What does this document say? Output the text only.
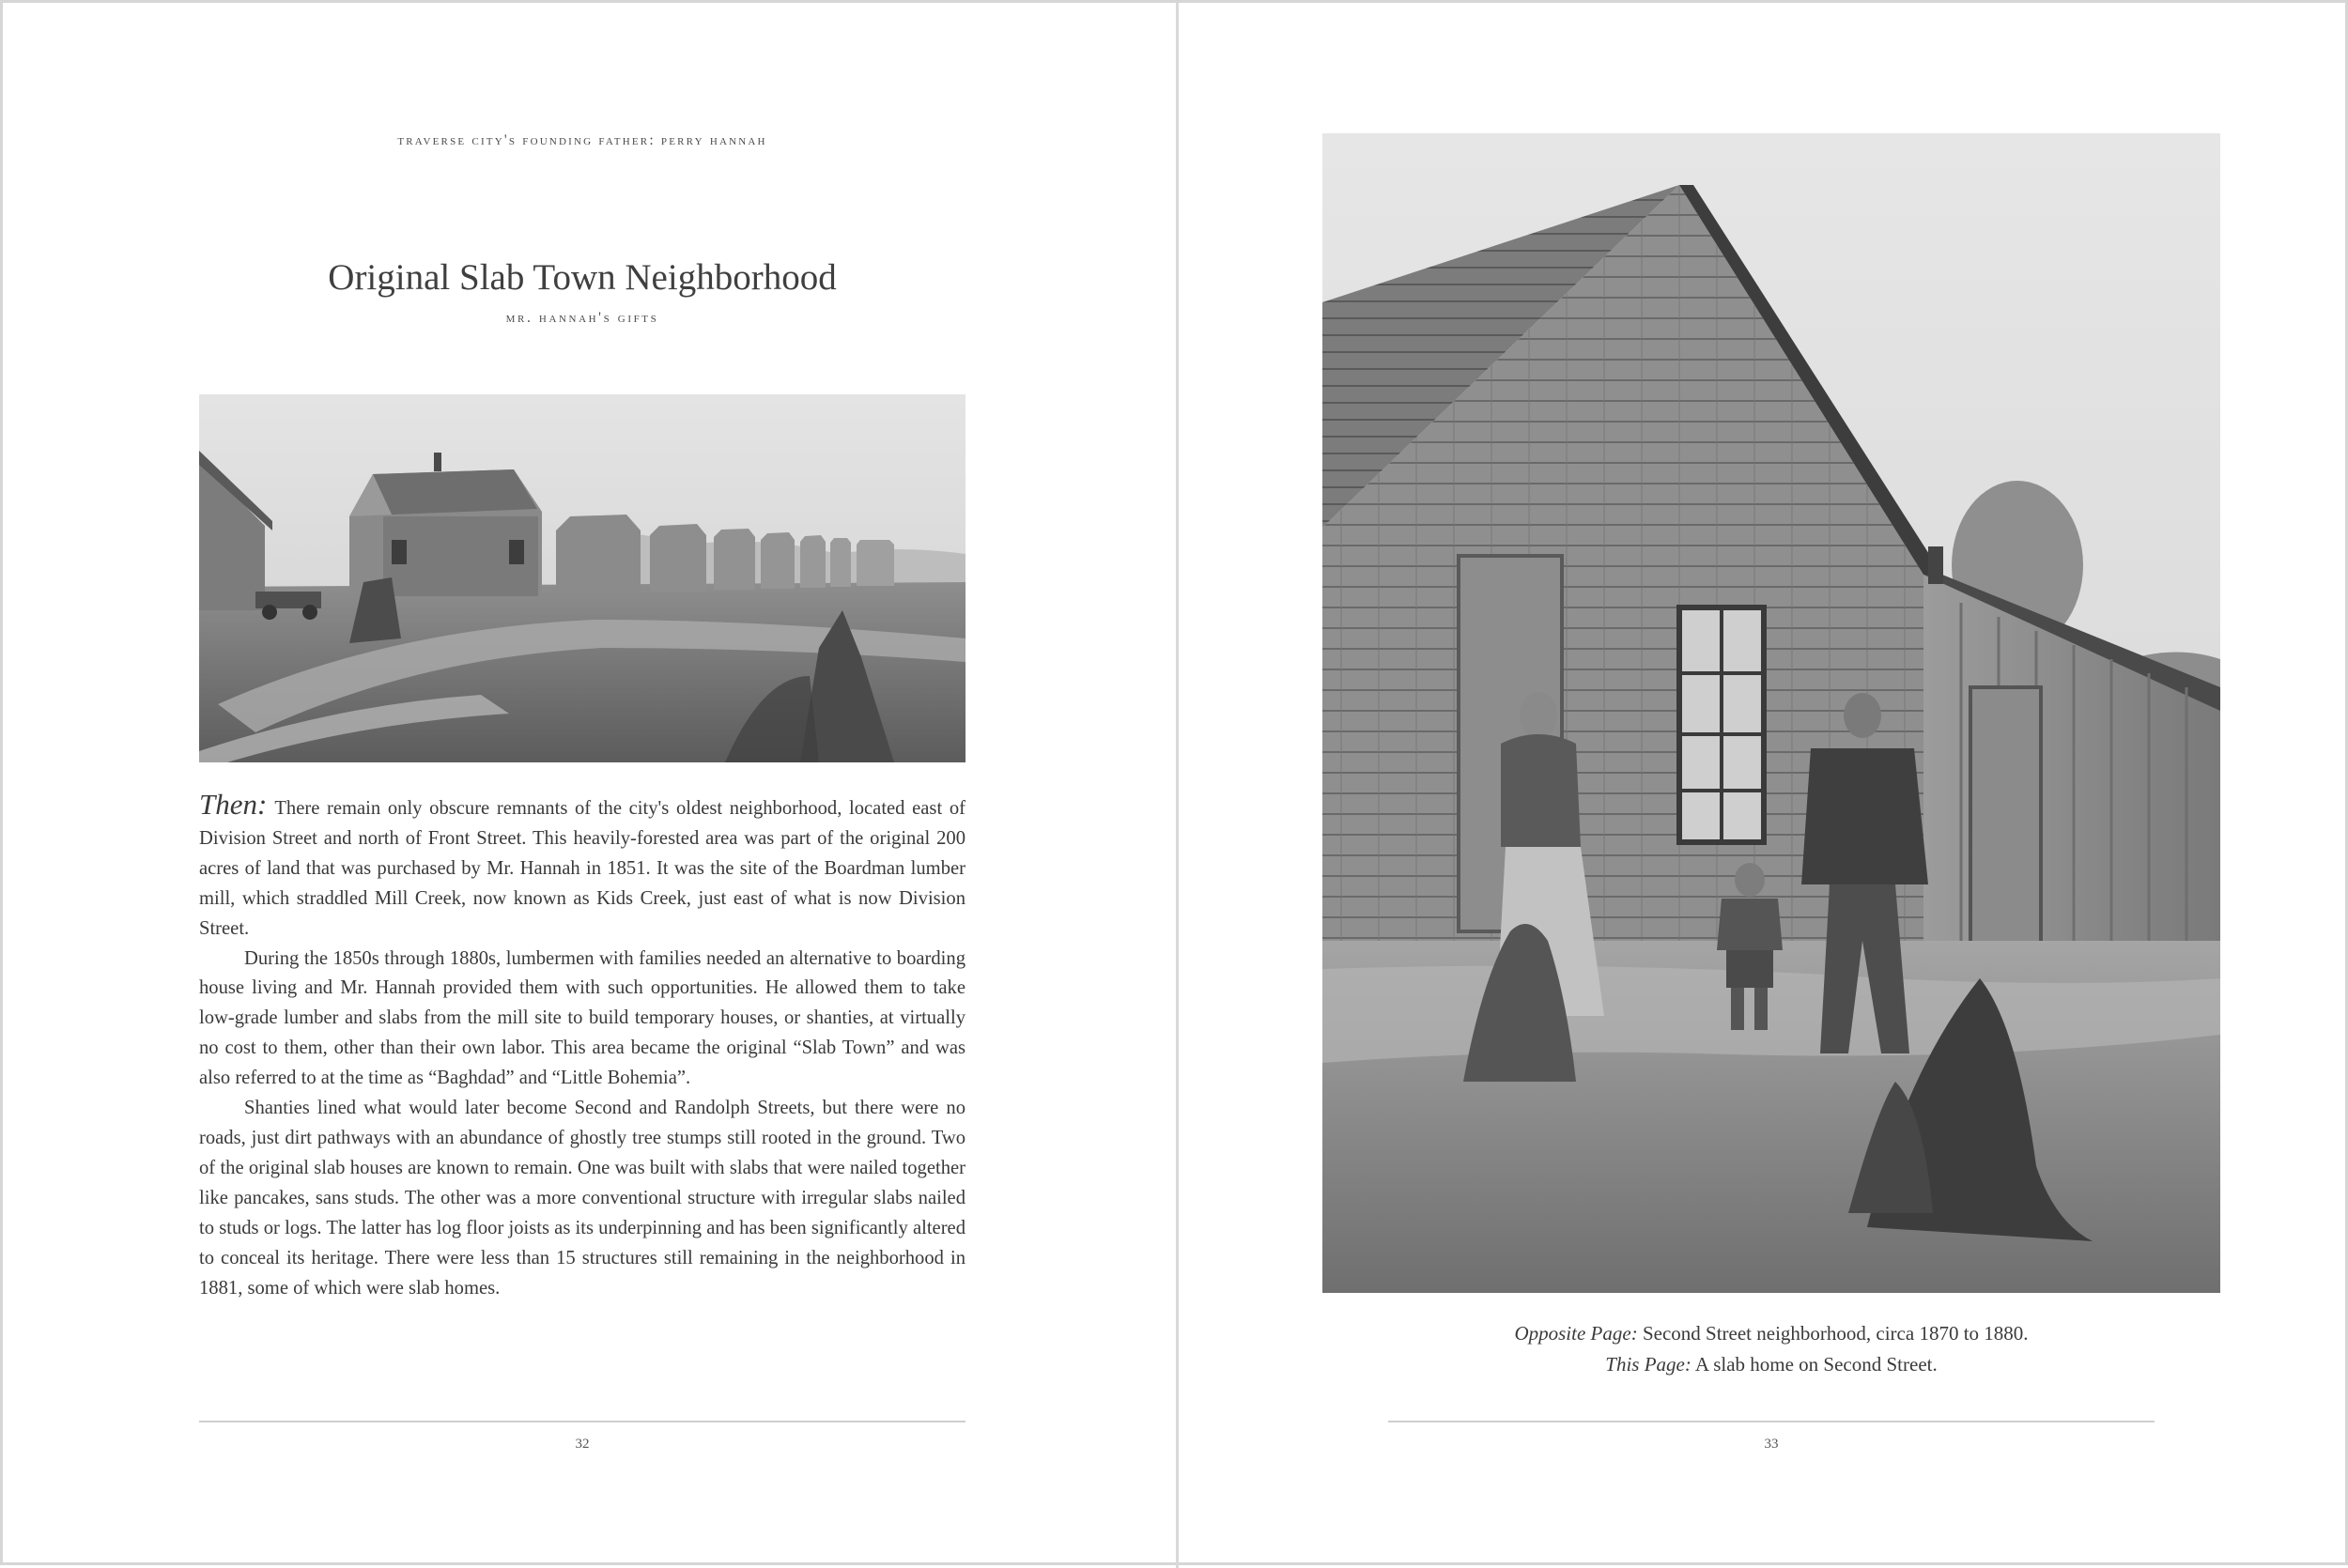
traverse city's founding father: perry hannah
Original Slab Town Neighborhood
mr. hannah's gifts

Then: There remain only obscure remnants of the city's oldest neighborhood, located east of Division Street and north of Front Street. This heavily-forested area was part of the original 200 acres of land that was purchased by Mr. Hannah in 1851. It was the site of the Boardman lumber mill, which straddled Mill Creek, now known as Kids Creek, just east of what is now Division Street.

During the 1850s through 1880s, lumbermen with families needed an alternative to boarding house living and Mr. Hannah provided them with such opportunities. He allowed them to take low-grade lumber and slabs from the mill site to build temporary houses, or shanties, at virtually no cost to them, other than their own labor. This area became the original “Slab Town” and was also referred to at the time as “Baghdad” and “Little Bohemia”.

Shanties lined what would later become Second and Randolph Streets, but there were no roads, just dirt pathways with an abundance of ghostly tree stumps still rooted in the ground. Two of the original slab houses are known to remain. One was built with slabs that were nailed together like pancakes, sans studs. The other was a more conventional structure with irregular slabs nailed to studs or logs. The latter has log floor joists as its underpinning and has been significantly altered to conceal its heritage. There were less than 15 structures still remaining in the neighborhood in 1881, some of which were slab homes.

32
Opposite Page: Second Street neighborhood, circa 1870 to 1880.
This Page: A slab home on Second Street.
33
